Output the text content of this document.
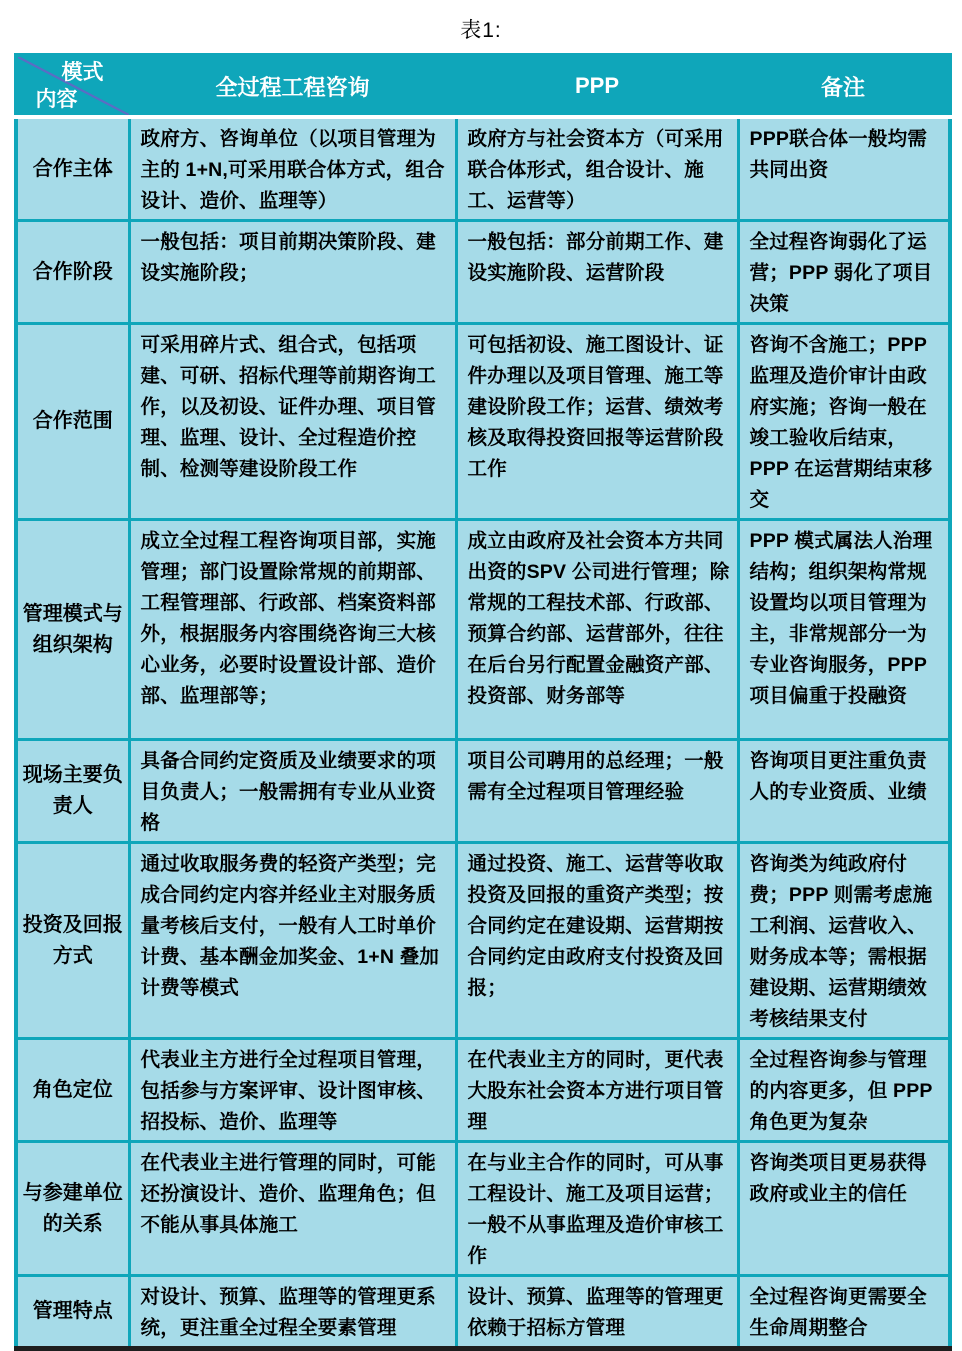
表1:
模式
内容	全过程工程咨询	PPP	备注
合作主体	政府方、咨询单位（以项目管理为主的 1+N,可采用联合体方式，组合设计、造价、监理等）	政府方与社会资本方（可采用联合体形式，组合设计、施工、运营等）	PPP联合体一般均需共同出资
合作阶段	一般包括：项目前期决策阶段、建设实施阶段；	一般包括：部分前期工作、建设实施阶段、运营阶段	全过程咨询弱化了运营；PPP 弱化了项目决策
合作范围	可采用碎片式、组合式，包括项建、可研、招标代理等前期咨询工作，以及初设、证件办理、项目管理、监理、设计、全过程造价控制、检测等建设阶段工作	可包括初设、施工图设计、证件办理以及项目管理、施工等建设阶段工作；运营、绩效考核及取得投资回报等运营阶段工作	咨询不含施工；PPP监理及造价审计由政府实施；咨询一般在竣工验收后结束，PPP 在运营期结束移交
管理模式与组织架构	成立全过程工程咨询项目部，实施管理；部门设置除常规的前期部、工程管理部、行政部、档案资料部外，根据服务内容围绕咨询三大核心业务，必要时设置设计部、造价部、监理部等；	成立由政府及社会资本方共同出资的SPV 公司进行管理；除常规的工程技术部、行政部、预算合约部、运营部外，往往在后台另行配置金融资产部、投资部、财务部等	PPP 模式属法人治理结构；组织架构常规设置均以项目管理为主，非常规部分一为专业咨询服务，PPP 项目偏重于投融资
现场主要负责人	具备合同约定资质及业绩要求的项目负责人；一般需拥有专业从业资格	项目公司聘用的总经理；一般需有全过程项目管理经验	咨询项目更注重负责人的专业资质、业绩
投资及回报方式	通过收取服务费的轻资产类型；完成合同约定内容并经业主对服务质量考核后支付，一般有人工时单价计费、基本酬金加奖金、1+N 叠加计费等模式	通过投资、施工、运营等收取投资及回报的重资产类型；按合同约定在建设期、运营期按合同约定由政府支付投资及回报；	咨询类为纯政府付费；PPP 则需考虑施工利润、运营收入、财务成本等；需根据建设期、运营期绩效考核结果支付
角色定位	代表业主方进行全过程项目管理，包括参与方案评审、设计图审核、招投标、造价、监理等	在代表业主方的同时，更代表大股东社会资本方进行项目管理	全过程咨询参与管理的内容更多，但 PPP 角色更为复杂
与参建单位的关系	在代表业主进行管理的同时，可能还扮演设计、造价、监理角色；但不能从事具体施工	在与业主合作的同时，可从事工程设计、施工及项目运营；一般不从事监理及造价审核工作	咨询类项目更易获得政府或业主的信任
管理特点	对设计、预算、监理等的管理更系统，更注重全过程全要素管理	设计、预算、监理等的管理更依赖于招标方管理	全过程咨询更需要全生命周期整合
